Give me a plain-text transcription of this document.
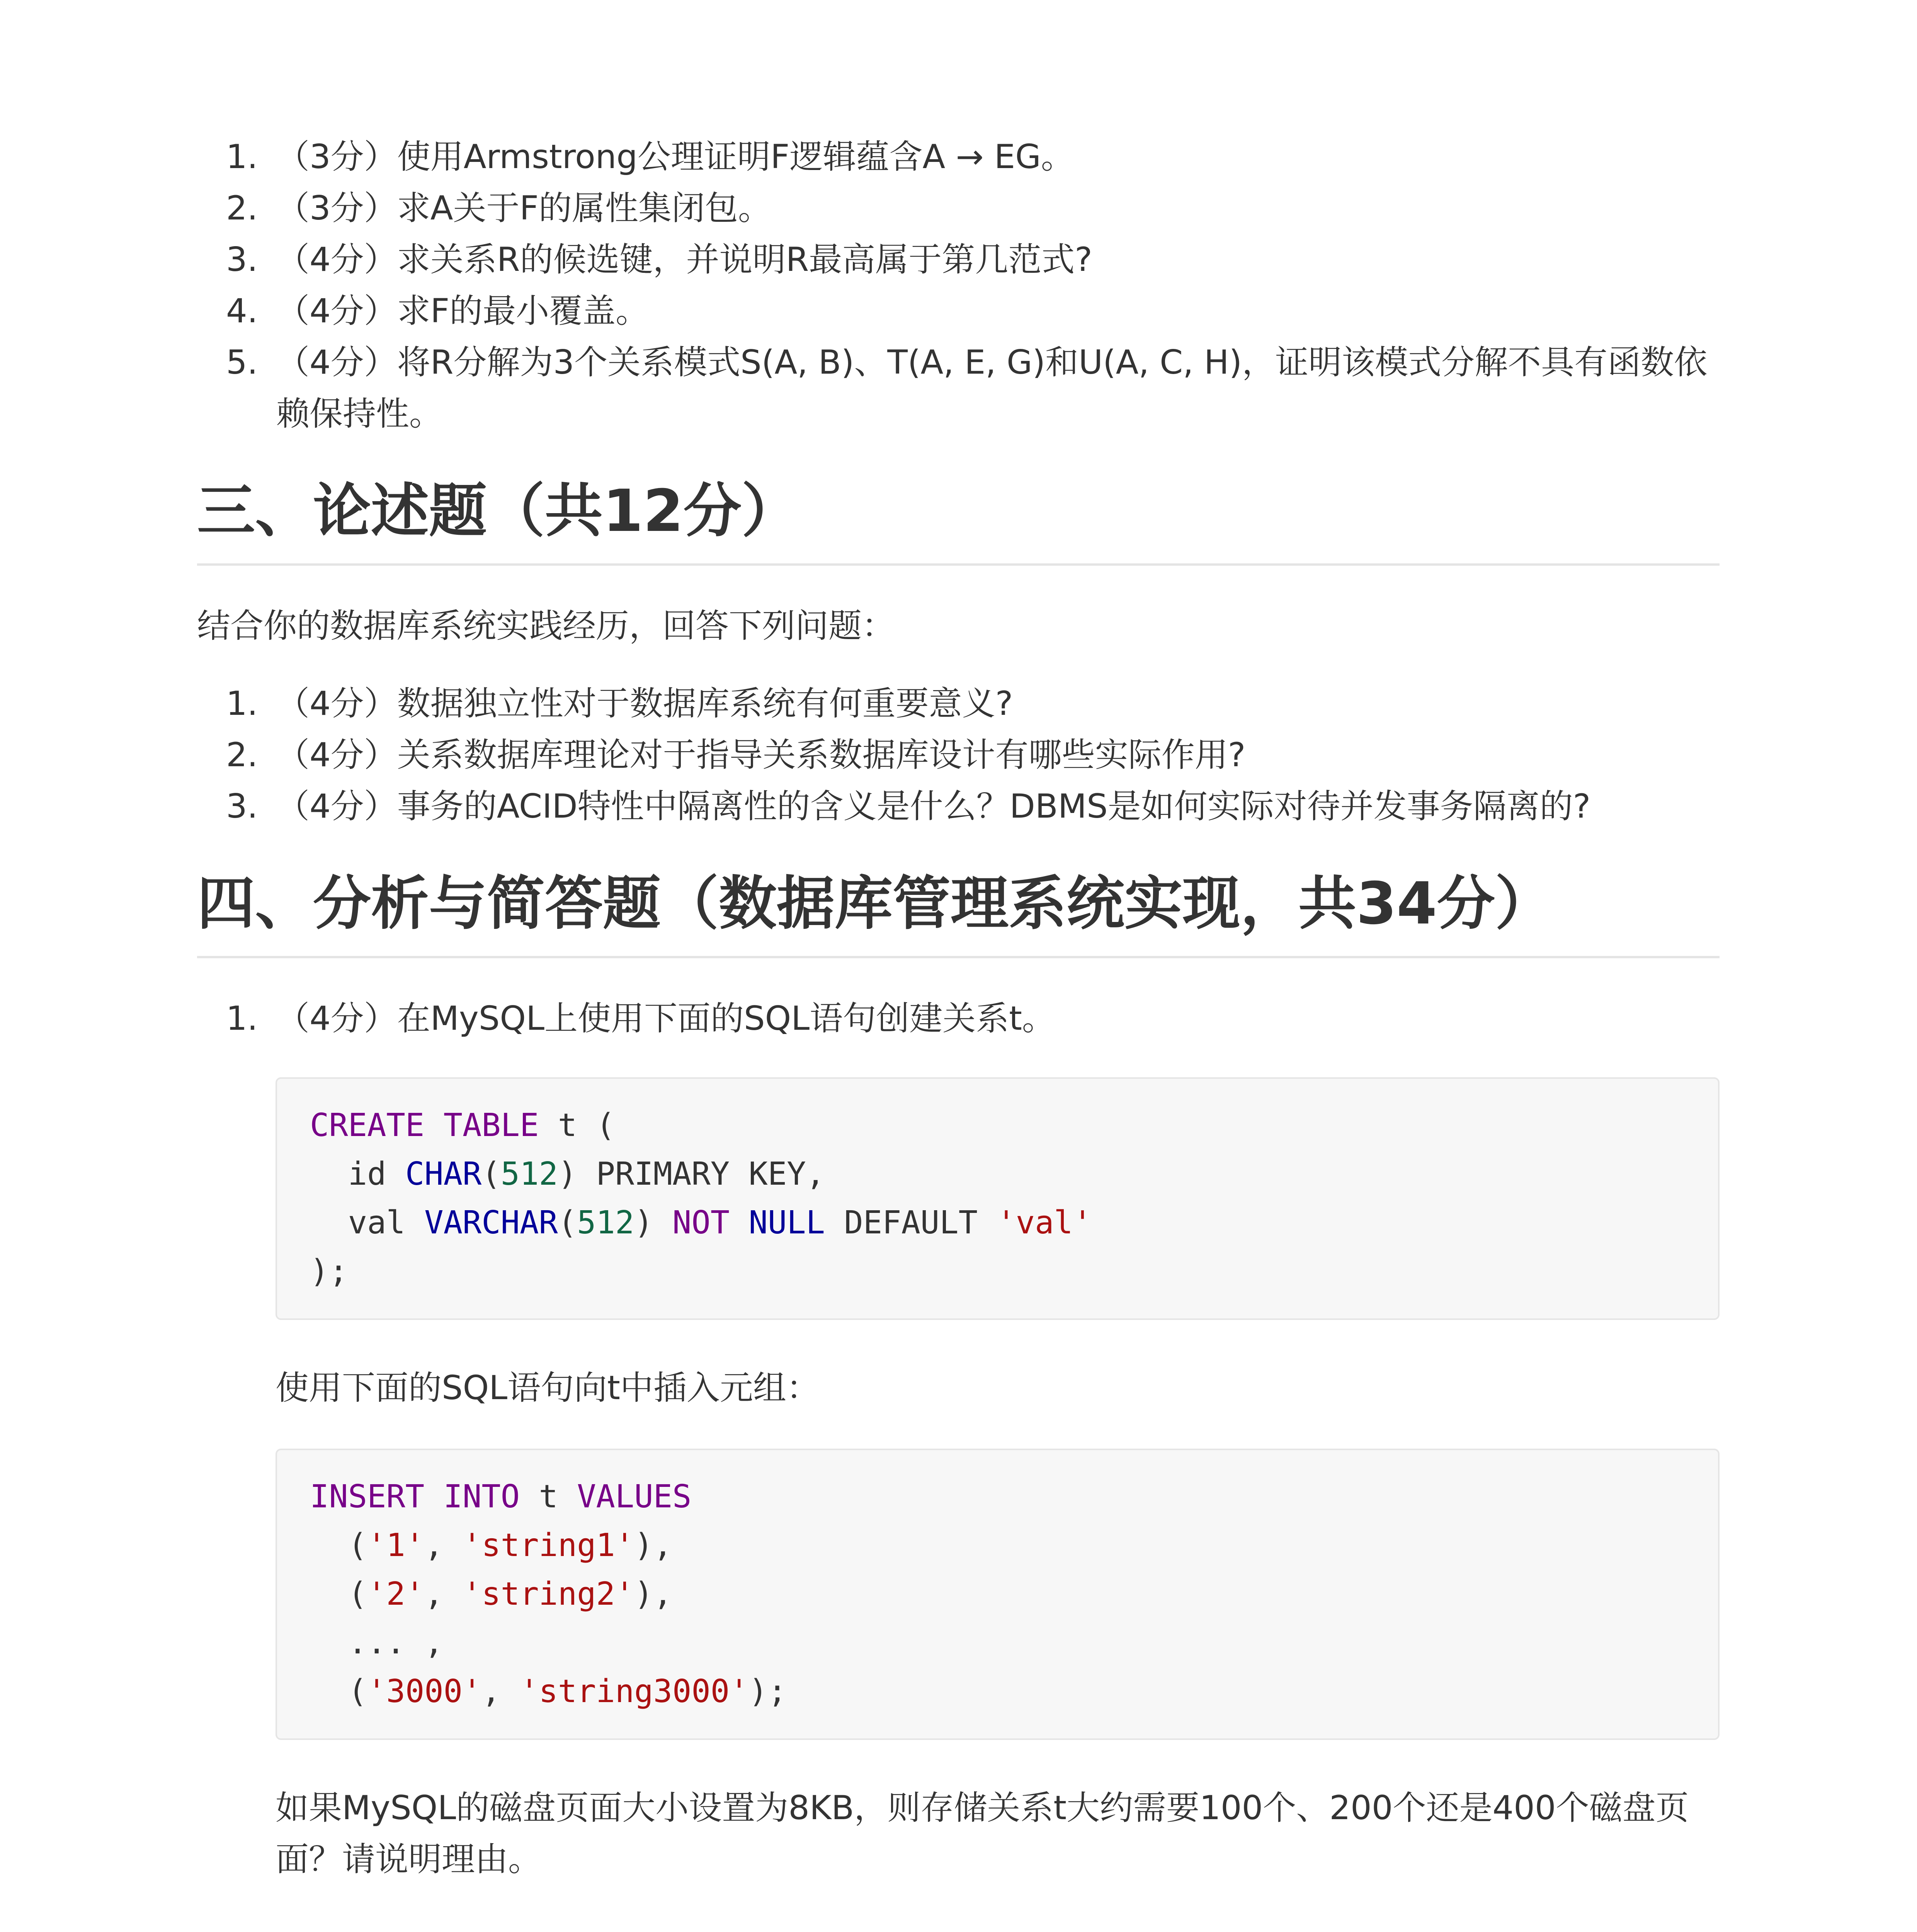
1. （3分）使用Armstrong公理证明F逻辑蕴含A → EG。
2. （3分）求A关于F的属性集闭包。
3. （4分）求关系R的候选键，并说明R最高属于第几范式?
4. （4分）求F的最小覆盖。
5. （4分）将R分解为3个关系模式S(A, B)、T(A, E, G)和U(A, C, H)，证明该模式分解不具有函数依赖保持性。
三、论述题（共12分）

结合你的数据库系统实践经历，回答下列问题：

1. （4分）数据独立性对于数据库系统有何重要意义?
2. （4分）关系数据库理论对于指导关系数据库设计有哪些实际作用?
3. （4分）事务的ACID特性中隔离性的含义是什么？DBMS是如何实际对待并发事务隔离的?
四、分析与简答题（数据库管理系统实现，共34分）
1. （4分）在MySQL上使用下面的SQL语句创建关系t。
CREATE TABLE t (
id CHAR(512) PRIMARY KEY,
val VARCHAR(512) NOT NULL DEFAULT 'val'
);

使用下面的SQL语句向t中插入元组：

INSERT INTO t VALUES
('1', 'string1'),
('2', 'string2'),
... ,
('3000', 'string3000');

如果MySQL的磁盘页面大小设置为8KB，则存储关系t大约需要100个、200个还是400个磁盘页面？请说明理由。
